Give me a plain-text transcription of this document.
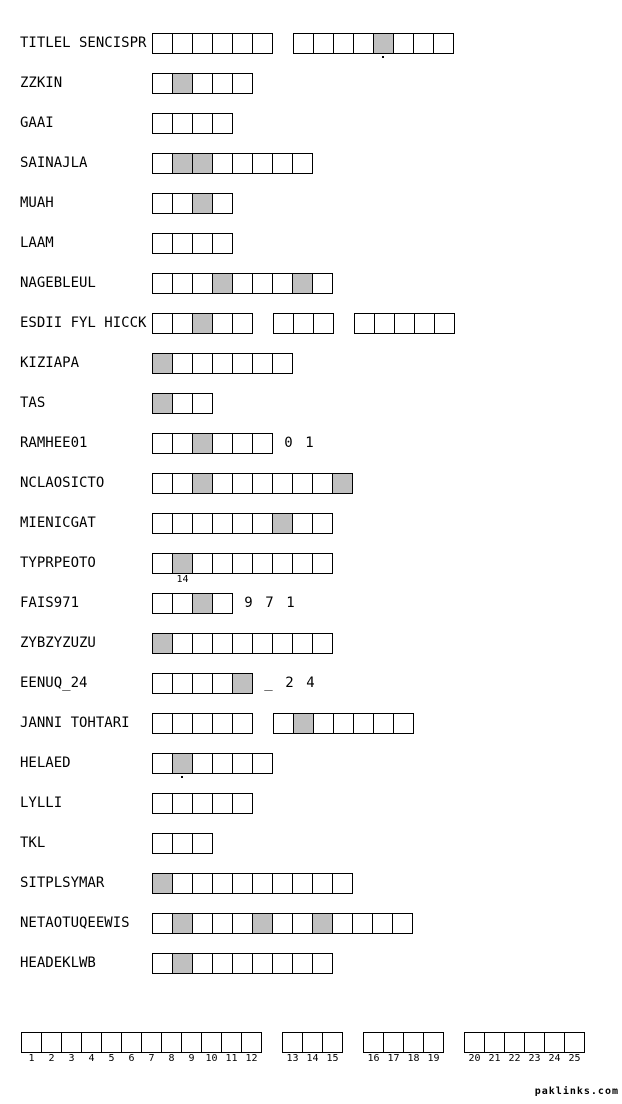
TITLEL SENCISPR
ZZKIN
GAAI
SAINAJLA
MUAH
LAAM
NAGEBLEUL
ESDII FYL HICCK
KIZIAPA
TAS
RAMHEE01	0 1
NCLAOSICTO
MIENICGAT
TYPRPEOTO
14
FAIS971	9 7 1
ZYBZYZUZU
EENUQ_24	_ 2 4
JANNI TOHTARI
HELAED
LYLLI
TKL
SITPLSYMAR
NETAOTUQEEWIS
HEADEKLWB
1	2	3	4	5	6	7	8	9	10 11 12	13 14 15	16 17 18 19	20 21 22 23 24 25
paklinks.com
